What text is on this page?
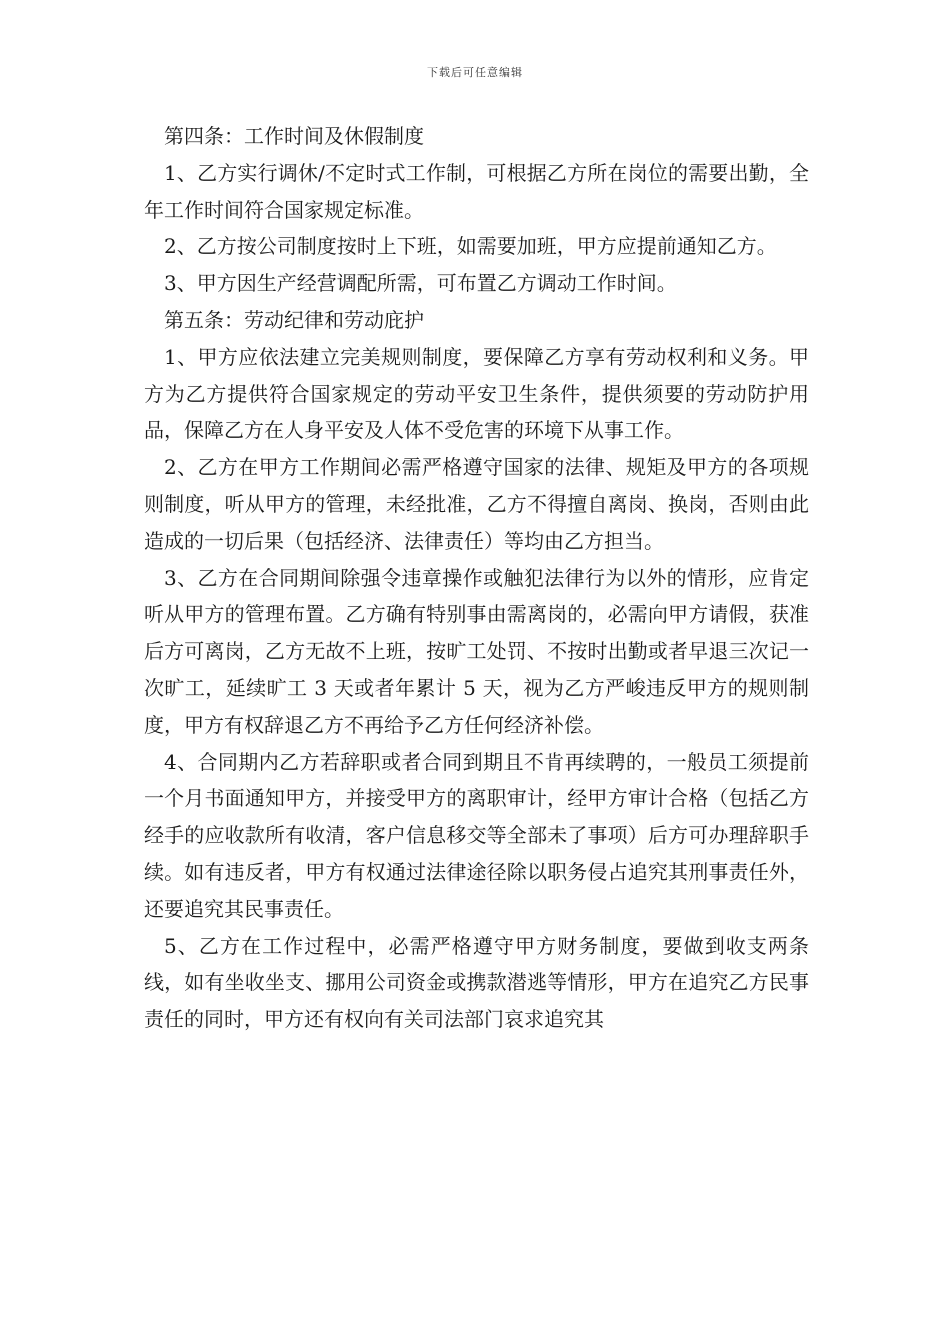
下载后可任意编辑

第四条：工作时间及休假制度

1、乙方实行调休/不定时式工作制，可根据乙方所在岗位的需要出勤，全年工作时间符合国家规定标准。

2、乙方按公司制度按时上下班，如需要加班，甲方应提前通知乙方。

3、甲方因生产经营调配所需，可布置乙方调动工作时间。

第五条：劳动纪律和劳动庇护

1、甲方应依法建立完美规则制度，要保障乙方享有劳动权利和义务。甲方为乙方提供符合国家规定的劳动平安卫生条件，提供须要的劳动防护用品，保障乙方在人身平安及人体不受危害的环境下从事工作。

2、乙方在甲方工作期间必需严格遵守国家的法律、规矩及甲方的各项规则制度，听从甲方的管理，未经批准，乙方不得擅自离岗、换岗，否则由此造成的一切后果（包括经济、法律责任）等均由乙方担当。

3、乙方在合同期间除强令违章操作或触犯法律行为以外的情形，应肯定听从甲方的管理布置。乙方确有特别事由需离岗的，必需向甲方请假，获准后方可离岗，乙方无故不上班，按旷工处罚、不按时出勤或者早退三次记一次旷工，延续旷工 3 天或者年累计 5 天，视为乙方严峻违反甲方的规则制度，甲方有权辞退乙方不再给予乙方任何经济补偿。

4、合同期内乙方若辞职或者合同到期且不肯再续聘的，一般员工须提前一个月书面通知甲方，并接受甲方的离职审计，经甲方审计合格（包括乙方经手的应收款所有收清，客户信息移交等全部未了事项）后方可办理辞职手续。如有违反者，甲方有权通过法律途径除以职务侵占追究其刑事责任外，还要追究其民事责任。

5、乙方在工作过程中，必需严格遵守甲方财务制度，要做到收支两条线，如有坐收坐支、挪用公司资金或携款潜逃等情形，甲方在追究乙方民事责任的同时，甲方还有权向有关司法部门哀求追究其
